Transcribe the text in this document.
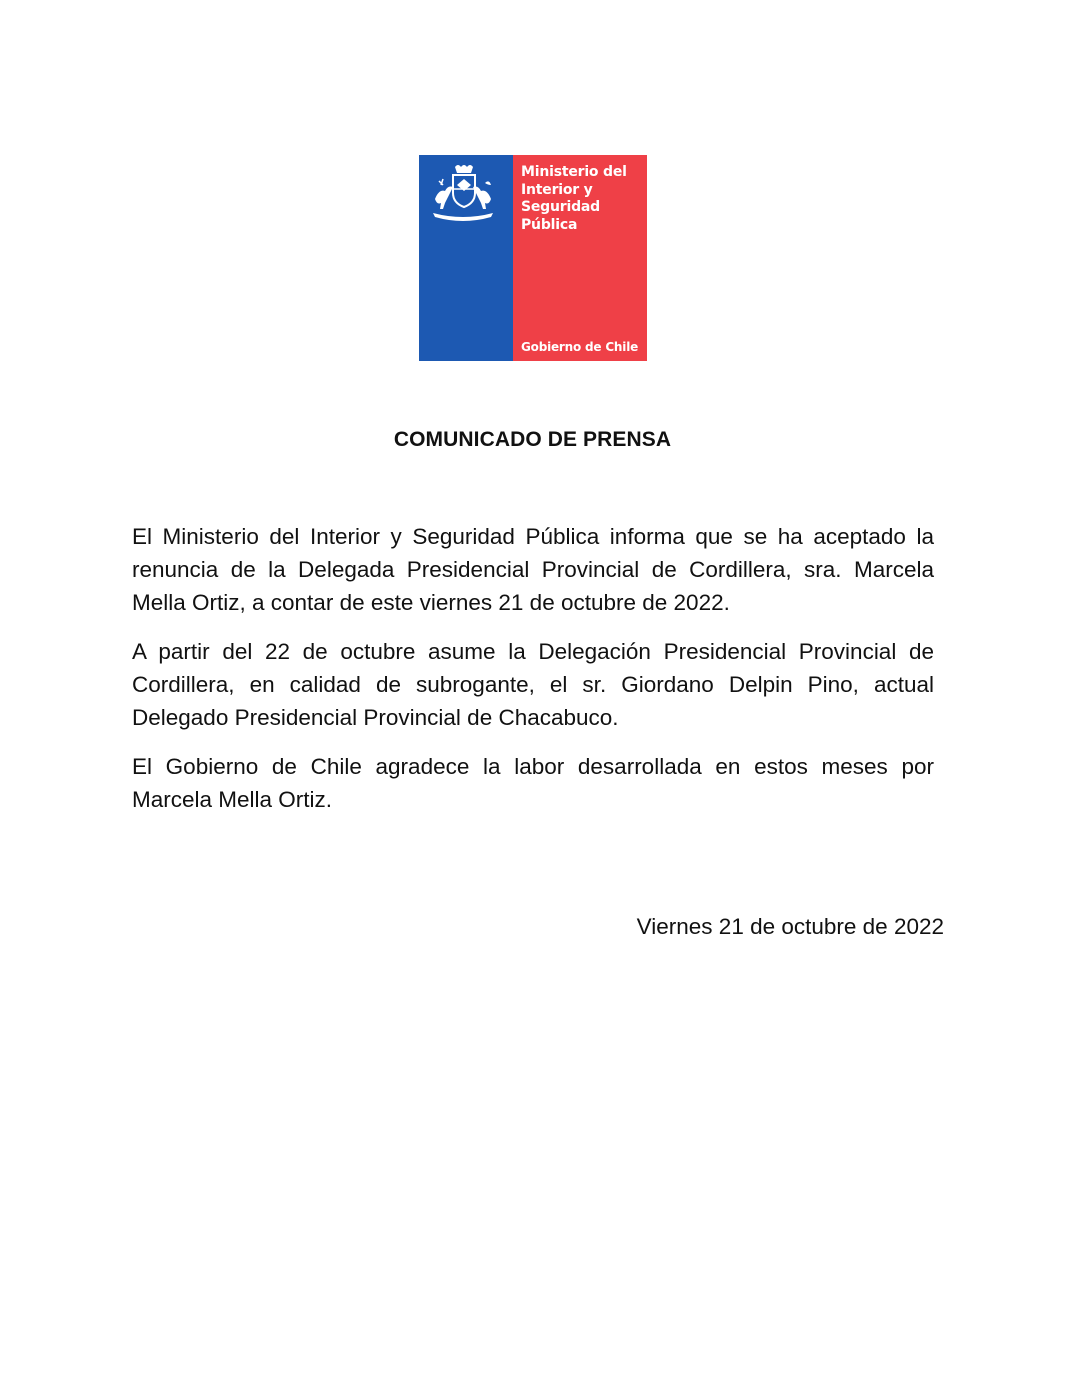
Ministerio del
Interior y
Seguridad
Pública
Gobierno de Chile
COMUNICADO DE PRENSA

El Ministerio del Interior y Seguridad Pública informa que se ha aceptado la renuncia de la Delegada Presidencial Provincial de Cordillera, sra. Marcela Mella Ortiz, a contar de este viernes 21 de octubre de 2022.

A partir del 22 de octubre asume la Delegación Presidencial Provincial de Cordillera, en calidad de subrogante, el sr. Giordano Delpin Pino, actual Delegado Presidencial Provincial de Chacabuco.

El Gobierno de Chile agradece la labor desarrollada en estos meses por Marcela Mella Ortiz.

Viernes 21 de octubre de 2022
